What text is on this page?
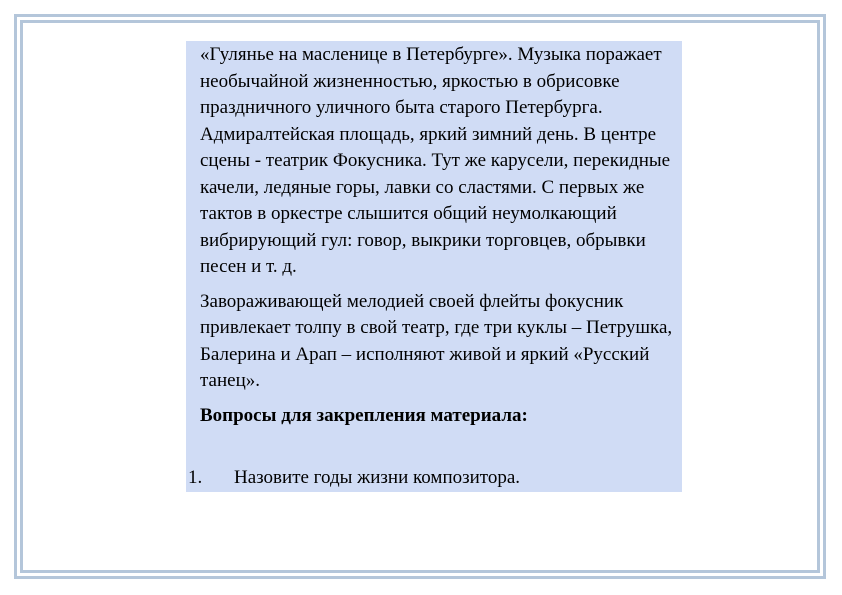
«Гулянье на масленице в Петербурге». Музыка поражает необычайной жизненностью, яркостью в обрисовке праздничного уличного быта старого Петербурга. Адмиралтейская площадь, яркий зимний день. В центре сцены - театрик Фокусника. Тут же карусели, перекидные качели, ледяные горы, лавки со сластями. С первых же тактов в оркестре слышится общий неумолкающий вибрирующий гул: говор, выкрики торговцев, обрывки песен и т. д.

Завораживающей мелодией своей флейты фокусник привлекает толпу в свой театр, где три куклы – Петрушка, Балерина и Арап – исполняют живой и яркий «Русский танец».

Вопросы для закрепления материала:

1. Назовите годы жизни композитора.
